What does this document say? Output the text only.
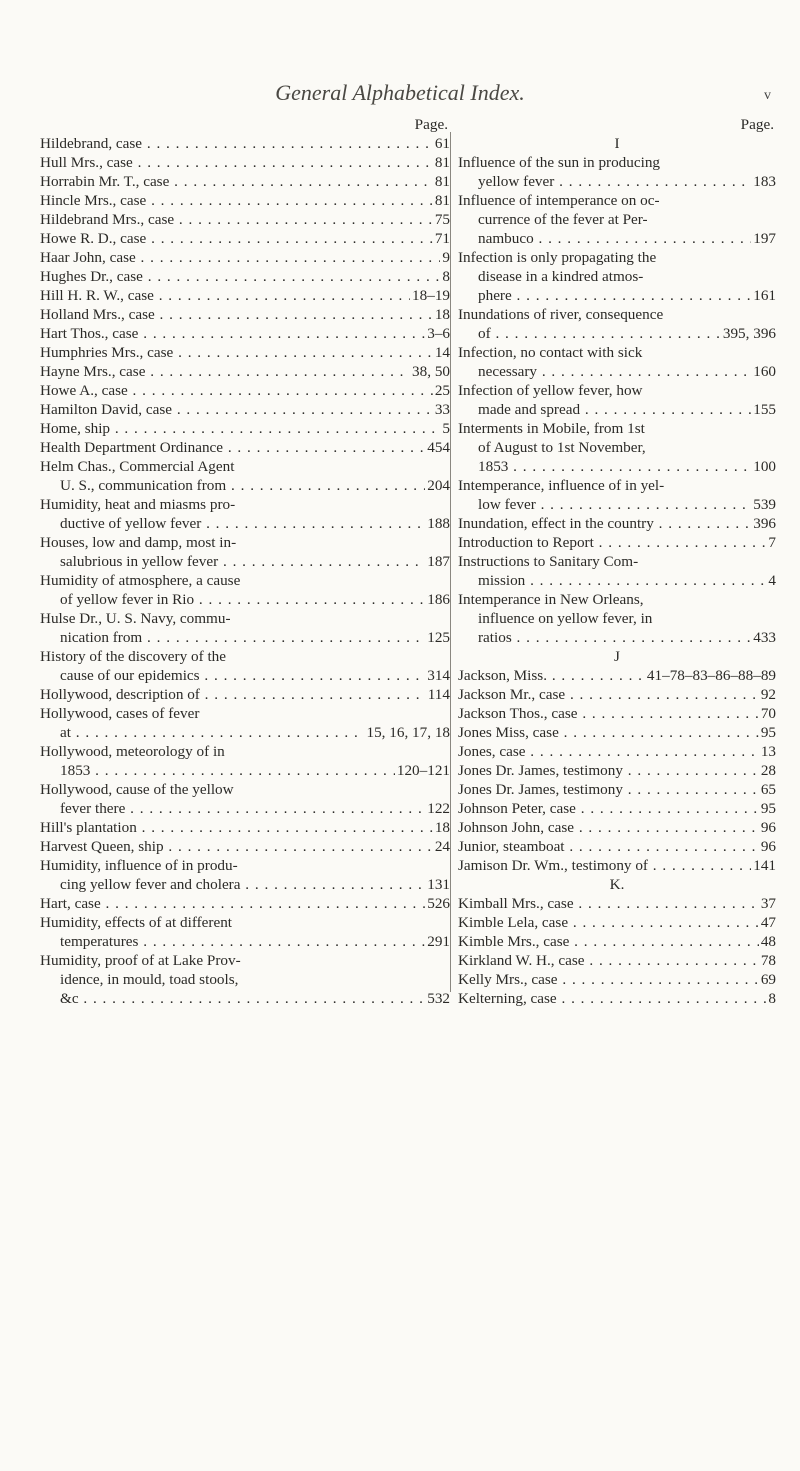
General Alphabetical Index.	v
Page.
Hildebrand, case . . .	61
Hull Mrs., case . . .	81
Horrabin Mr. T., case . . .	81
Hincle Mrs., case . . .	81
Hildebrand Mrs., case . . .	75
Howe R. D., case . . .	71
Haar John, case . . .	9
Hughes Dr., case . . .	8
Hill H. R. W., case . . .	18–19
Holland Mrs., case . . .	18
Hart Thos., case . . .	3–6
Humphries Mrs., case . . .	14
Hayne Mrs., case . . .	38, 50
Howe A., case . . .	25
Hamilton David, case . . .	33
Home, ship . . .	5
Health Department Ordinance . . .	454
Helm Chas., Commercial Agent
U. S., communication from . . .	204
Humidity, heat and miasms pro-
ductive of yellow fever . . .	188
Houses, low and damp, most in-
salubrious in yellow fever . . .	187
Humidity of atmosphere, a cause
of yellow fever in Rio . . .	186
Hulse Dr., U. S. Navy, commu-
nication from . . .	125
History of the discovery of the
cause of our epidemics . . .	314
Hollywood, description of . . .	114
Hollywood, cases of fever
at . . .	15, 16, 17, 18
Hollywood, meteorology of in
1853 . . .	120–121
Hollywood, cause of the yellow
fever there . . .	122
Hill's plantation . . .	18
Harvest Queen, ship . . .	24
Humidity, influence of in produ-
cing yellow fever and cholera . . .	131
Hart, case . . .	526
Humidity, effects of at different
temperatures . . .	291
Humidity, proof of at Lake Prov-
idence, in mould, toad stools,
&c . . .	532
Page.
I
Influence of the sun in producing
yellow fever . . .	183
Influence of intemperance on oc-
currence of the fever at Per-
nambuco . . .	197
Infection is only propagating the
disease in a kindred atmos-
phere . . .	161
Inundations of river, consequence
of . . .	395, 396
Infection, no contact with sick
necessary . . .	160
Infection of yellow fever, how
made and spread . . .	155
Interments in Mobile, from 1st
of August to 1st November,
1853 . . .	100
Intemperance, influence of in yel-
low fever . . .	539
Inundation, effect in the country . . .	396
Introduction to Report . . .	7
Instructions to Sanitary Com-
mission . . .	4
Intemperance in New Orleans,
influence on yellow fever, in
ratios . . .	433
J
Jackson, Miss. . . .	41–78–83–86–88–89
Jackson Mr., case . . .	92
Jackson Thos., case . . .	70
Jones Miss, case . . .	95
Jones, case . . .	13
Jones Dr. James, testimony . . .	28
Jones Dr. James, testimony . . .	65
Johnson Peter, case . . .	95
Johnson John, case . . .	96
Junior, steamboat . . .	96
Jamison Dr. Wm., testimony of . . .	141
K.
Kimball Mrs., case . . .	37
Kimble Lela, case . . .	47
Kimble Mrs., case . . .	48
Kirkland W. H., case . . .	78
Kelly Mrs., case . . .	69
Kelterning, case . . .	8
